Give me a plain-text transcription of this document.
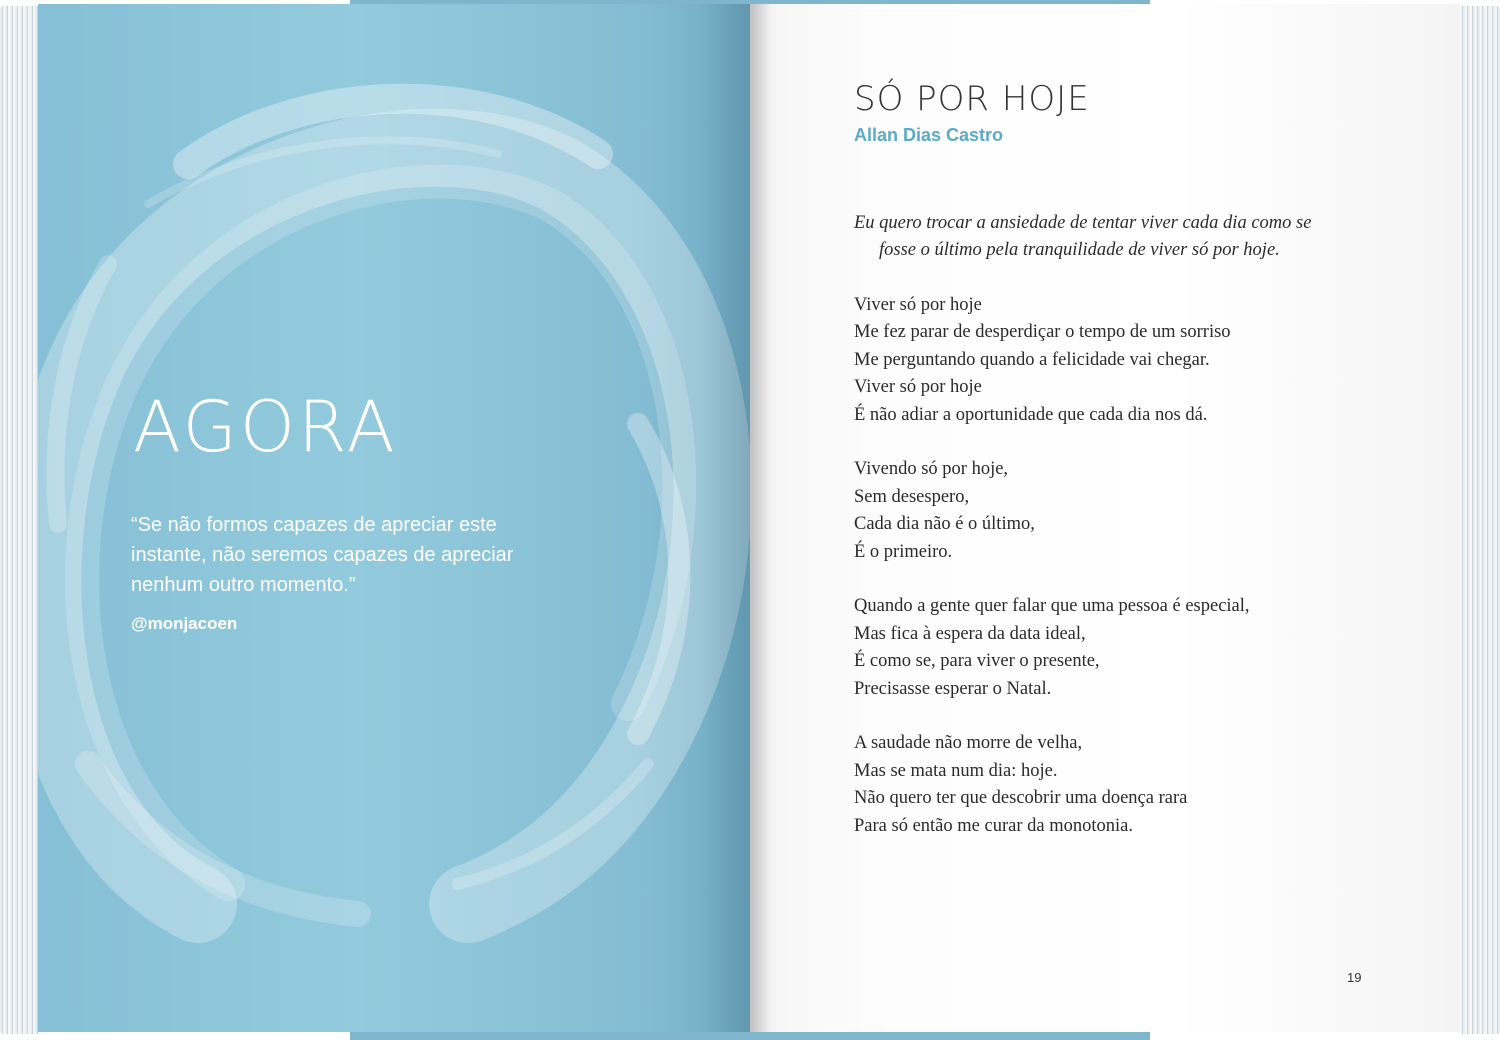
AGORA

“Se não formos capazes de apreciar este instante, não seremos capazes de apreciar nenhum outro momento.”

@monjacoen
SÓ POR HOJE
Allan Dias Castro
Eu quero trocar a ansiedade de tentar viver cada dia como se
fosse o último pela tranquilidade de viver só por hoje.
Viver só por hoje
Me fez parar de desperdiçar o tempo de um sorriso
Me perguntando quando a felicidade vai chegar.
Viver só por hoje
É não adiar a oportunidade que cada dia nos dá.
Vivendo só por hoje,
Sem desespero,
Cada dia não é o último,
É o primeiro.
Quando a gente quer falar que uma pessoa é especial,
Mas fica à espera da data ideal,
É como se, para viver o presente,
Precisasse esperar o Natal.
A saudade não morre de velha,
Mas se mata num dia: hoje.
Não quero ter que descobrir uma doença rara
Para só então me curar da monotonia.
19
